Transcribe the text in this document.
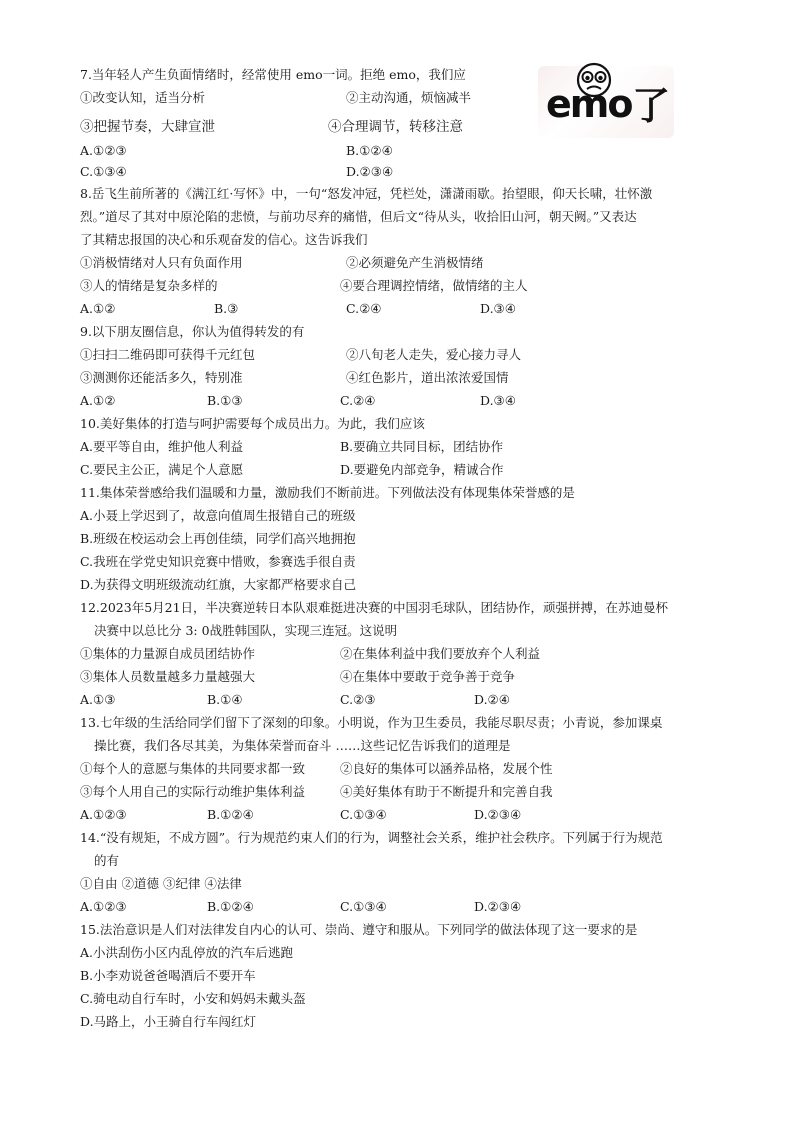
7.当年轻人产生负面情绪时，经常使用 emo一词。拒绝 emo，我们应
①改变认知，适当分析	②主动沟通，烦恼减半
③把握节奏，大肆宣泄	④合理调节，转移注意
A.①②③	B.①②④
C.①③④	D.②③④
emo 了
8.岳飞生前所著的《满江红·写怀》中，一句“怒发冲冠，凭栏处，潇潇雨歇。抬望眼，仰天长啸，壮怀激
烈。”道尽了其对中原沦陷的悲愤，与前功尽弃的痛惜，但后文“待从头，收拾旧山河，朝天阙。”又表达
了其精忠报国的决心和乐观奋发的信心。这告诉我们
①消极情绪对人只有负面作用	②必须避免产生消极情绪
③人的情绪是复杂多样的	④要合理调控情绪，做情绪的主人
A.①②	B.③	C.②④	D.③④
9.以下朋友圈信息，你认为值得转发的有
①扫扫二维码即可获得千元红包	②八旬老人走失，爱心接力寻人
③测测你还能活多久，特别准	④红色影片，道出浓浓爱国情
A.①②	B.①③	C.②④	D.③④
10.美好集体的打造与呵护需要每个成员出力。为此，我们应该
A.要平等自由，维护他人利益	B.要确立共同目标，团结协作
C.要民主公正，满足个人意愿	D.要避免内部竞争，精诚合作
11.集体荣誉感给我们温暖和力量，激励我们不断前进。下列做法没有体现集体荣誉感的是
A.小聂上学迟到了，故意向值周生报错自己的班级
B.班级在校运动会上再创佳绩，同学们高兴地拥抱
C.我班在学党史知识竞赛中惜败，参赛选手很自责
D.为获得文明班级流动红旗，大家都严格要求自己
12.2023年5月21日，半决赛逆转日本队艰难挺进决赛的中国羽毛球队，团结协作，顽强拼搏，在苏迪曼杯
决赛中以总比分 3: 0战胜韩国队，实现三连冠。这说明
①集体的力量源自成员团结协作	②在集体利益中我们要放弃个人利益
③集体人员数量越多力量越强大	④在集体中要敢于竞争善于竞争
A.①③	B.①④	C.②③	D.②④
13.七年级的生活给同学们留下了深刻的印象。小明说，作为卫生委员，我能尽职尽责；小青说，参加课桌
操比赛，我们各尽其美，为集体荣誉而奋斗 ……这些记忆告诉我们的道理是
①每个人的意愿与集体的共同要求都一致	②良好的集体可以涵养品格，发展个性
③每个人用自己的实际行动维护集体利益	④美好集体有助于不断提升和完善自我
A.①②③	B.①②④	C.①③④	D.②③④
14.“没有规矩，不成方圆”。行为规范约束人们的行为，调整社会关系，维护社会秩序。下列属于行为规范
的有
①自由 ②道德 ③纪律 ④法律
A.①②③	B.①②④	C.①③④	D.②③④
15.法治意识是人们对法律发自内心的认可、崇尚、遵守和服从。下列同学的做法体现了这一要求的是
A.小洪刮伤小区内乱停放的汽车后逃跑
B.小李劝说爸爸喝酒后不要开车
C.骑电动自行车时，小安和妈妈未戴头盔
D.马路上，小王骑自行车闯红灯
